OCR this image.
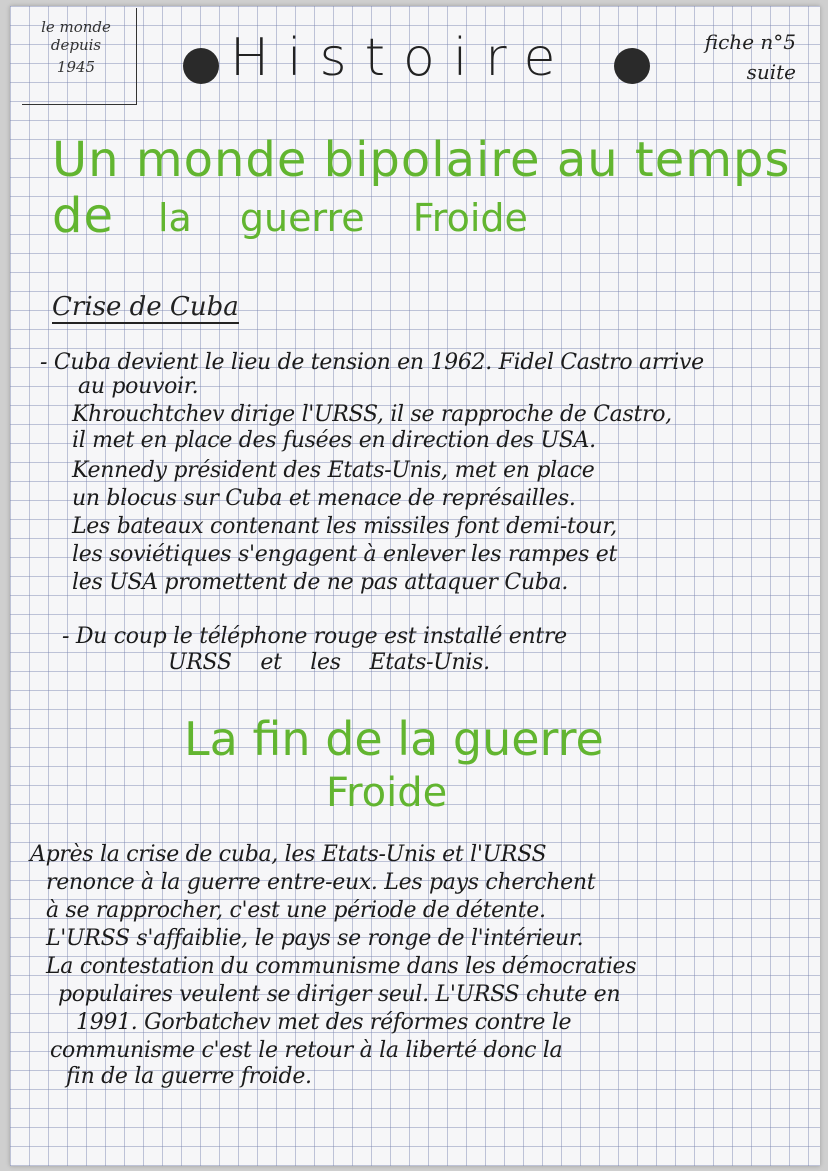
le monde
depuis
1945	Histoire	fiche n°5
suite
Un monde bipolaire au temps de	la guerre Froide
Crise de Cuba
- Cuba devient le lieu de tension en 1962. Fidel Castro arrive
au pouvoir.
Khrouchtchev dirige l'URSS, il se rapproche de Castro,
il met en place des fusées en direction des USA.
Kennedy président des Etats-Unis, met en place
un blocus sur Cuba et menace de représailles.
Les bateaux contenant les missiles font demi-tour,
les soviétiques s'engagent à enlever les rampes et
les USA promettent de ne pas attaquer Cuba.
- Du coup le téléphone rouge est installé entre
URSS et les Etats-Unis.
La fin de la guerre
Froide
Après la crise de cuba, les Etats-Unis et l'URSS
renonce à la guerre entre-eux. Les pays cherchent
à se rapprocher, c'est une période de détente.
L'URSS s'affaiblie, le pays se ronge de l'intérieur.
La contestation du communisme dans les démocraties
populaires veulent se diriger seul. L'URSS chute en
1991. Gorbatchev met des réformes contre le
communisme c'est le retour à la liberté donc la
fin de la guerre froide.
